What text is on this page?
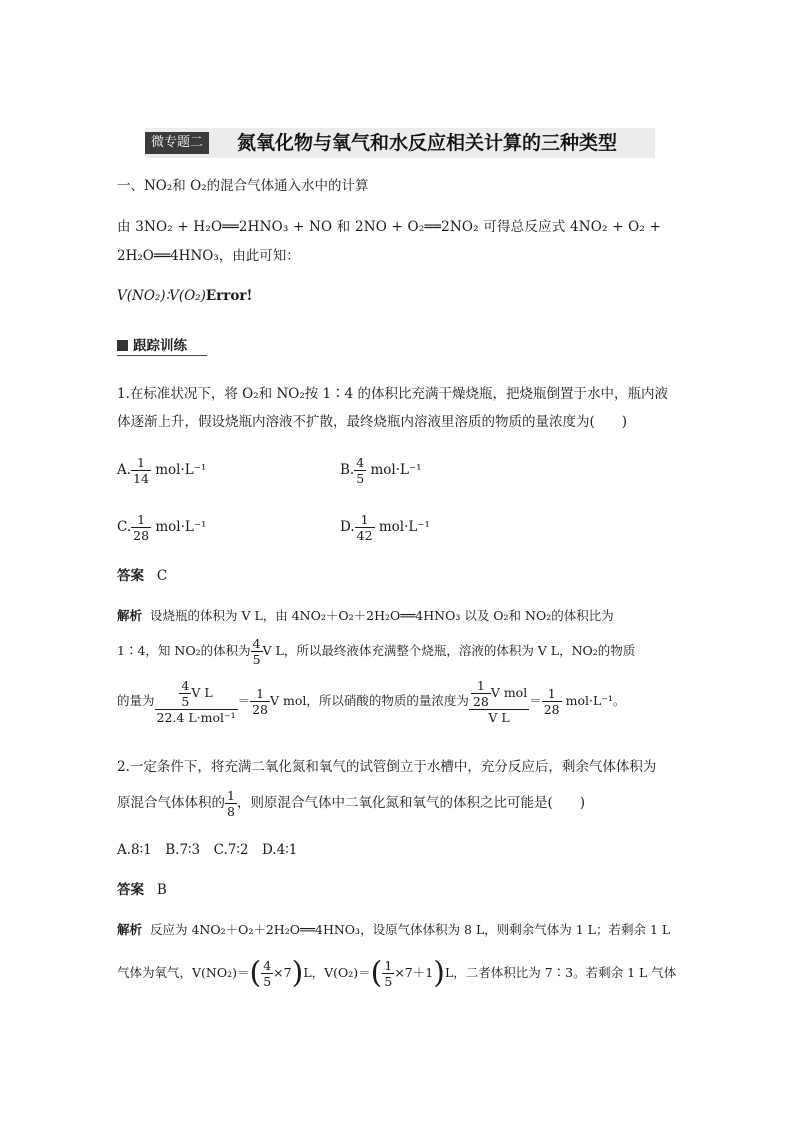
微专题二	氮氧化物与氧气和水反应相关计算的三种类型
一、NO₂和 O₂的混合气体通入水中的计算
由 3NO₂ + H₂O══2HNO₃ + NO 和 2NO + O₂══2NO₂ 可得总反应式 4NO₂ + O₂ +
2H₂O══4HNO₃，由此可知：
V(NO₂)∶V(O₂)Error!
跟踪训练
1.在标准状况下，将 O₂和 NO₂按 1∶4 的体积比充满干燥烧瓶，把烧瓶倒置于水中，瓶内液
体逐渐上升，假设烧瓶内溶液不扩散，最终烧瓶内溶液里溶质的物质的量浓度为(　　)
A. $\frac{1}{14} mol\cdot L^{-1}$	B. $\frac{4}{5} mol\cdot L^{-1}$
C. $\frac{1}{28} mol\cdot L^{-1}$	D. $\frac{1}{42} mol\cdot L^{-1}$
答案 C
解析 设烧瓶的体积为 V L，由 4NO₂＋O₂＋2H₂O══4HNO₃ 以及 O₂和 NO₂的体积比为
1∶4，知 NO₂的体积为 $\frac{4}{5}$ V L，所以最终液体充满整个烧瓶，溶液的体积为 V L，NO₂的物质
的量为 $\frac{\frac{4}{5} V L}{\text{22.4 L·mol⁻¹}} = \frac{1}{28}$ V mol，所以硝酸的物质的量浓度为 $\frac{\frac{1}{28} V mol}{\text{V L}} = \frac{1}{28} mol\cdot L^{-1}$。
2.一定条件下，将充满二氧化氮和氧气的试管倒立于水槽中，充分反应后，剩余气体体积为
原混合气体体积的 $\frac{1}{8}$ ，则原混合气体中二氧化氮和氧气的体积之比可能是(　　)
A.8∶1　B.7∶3　C.7∶2　D.4∶1
答案 B
解析 反应为 4NO₂＋O₂＋2H₂O══4HNO₃，设原气体体积为 8 L，则剩余气体为 1 L；若剩余 1 L
气体为氧气，$V(NO_2)=( \frac{4}{5} \times 7)L$，$V(O_2)=( \frac{1}{5} \times 7+1)L$，二者体积比为 7∶3。若剩余 1 L 气体
